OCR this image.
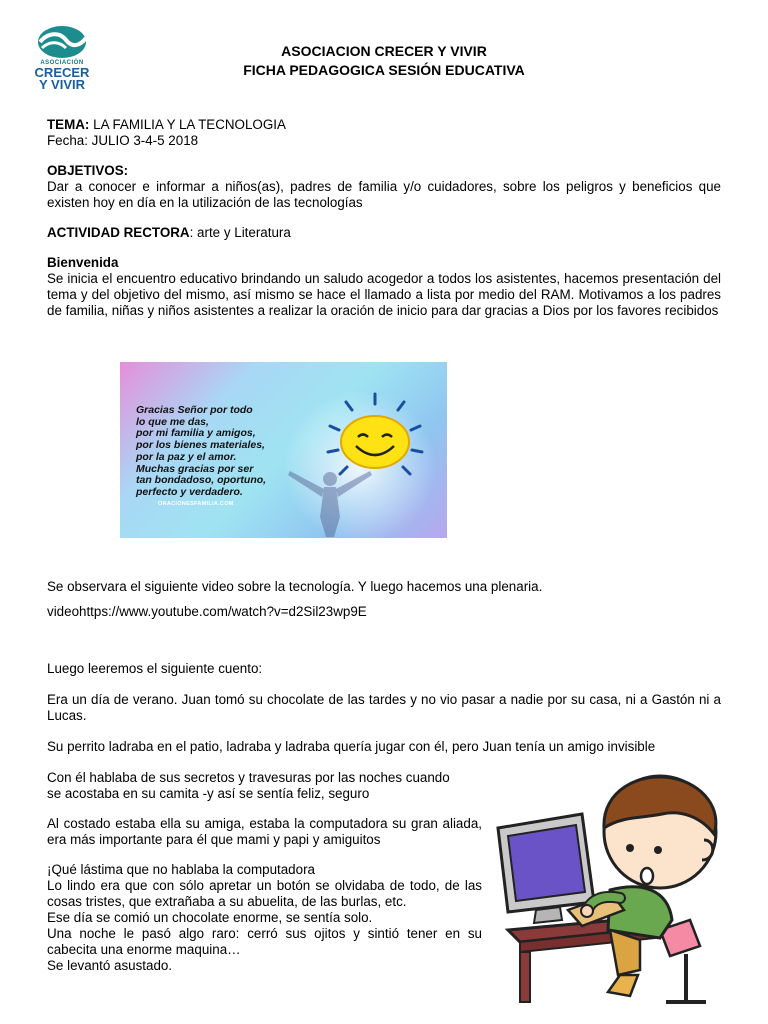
ASOCIACIÓN
CRECER
Y VIVIR
ASOCIACION CRECER Y VIVIR
FICHA PEDAGOGICA SESIÓN EDUCATIVA
TEMA: LA FAMILIA Y LA TECNOLOGIA
Fecha: JULIO 3-4-5 2018
OBJETIVOS:
Dar a conocer e informar a niños(as), padres de familia y/o cuidadores, sobre los peligros y beneficios que existen hoy en día en la utilización de las tecnologías
ACTIVIDAD RECTORA: arte y Literatura
Bienvenida
Se inicia el encuentro educativo brindando un saludo acogedor a todos los asistentes, hacemos presentación del tema y del objetivo del mismo, así mismo se hace el llamado a lista por medio del RAM. Motivamos a los padres de familia, niñas y niños asistentes a realizar la oración de inicio para dar gracias a Dios por los favores recibidos
Gracias Señor por todo
lo que me das,
por mi familia y amigos,
por los bienes materiales,
por la paz y el amor.
Muchas gracias por ser
tan bondadoso, oportuno,
perfecto y verdadero.
ORACIONESFAMILIA.COM
Se observara el siguiente video sobre la tecnología. Y luego hacemos una plenaria.
videohttps://www.youtube.com/watch?v=d2Sil23wp9E
Luego leeremos el siguiente cuento:
Era un día de verano. Juan tomó su chocolate de las tardes y no vio pasar a nadie por su casa, ni a Gastón ni a Lucas.
Su perrito ladraba en el patio, ladraba y ladraba quería jugar con él, pero Juan tenía un amigo invisible
Con él hablaba de sus secretos y travesuras por las noches cuando
se acostaba en su camita -y así se sentía feliz, seguro
Al costado estaba ella su amiga, estaba la computadora su gran aliada, era más importante para él que mami y papi y amiguitos
¡Qué lástima que no hablaba la computadora
Lo lindo era que con sólo apretar un botón se olvidaba de todo, de las cosas tristes, que extrañaba a su abuelita, de las burlas, etc.
Ese día se comió un chocolate enorme, se sentía solo.
Una noche le pasó algo raro: cerró sus ojitos y sintió tener en su cabecita una enorme maquina…
Se levantó asustado.
